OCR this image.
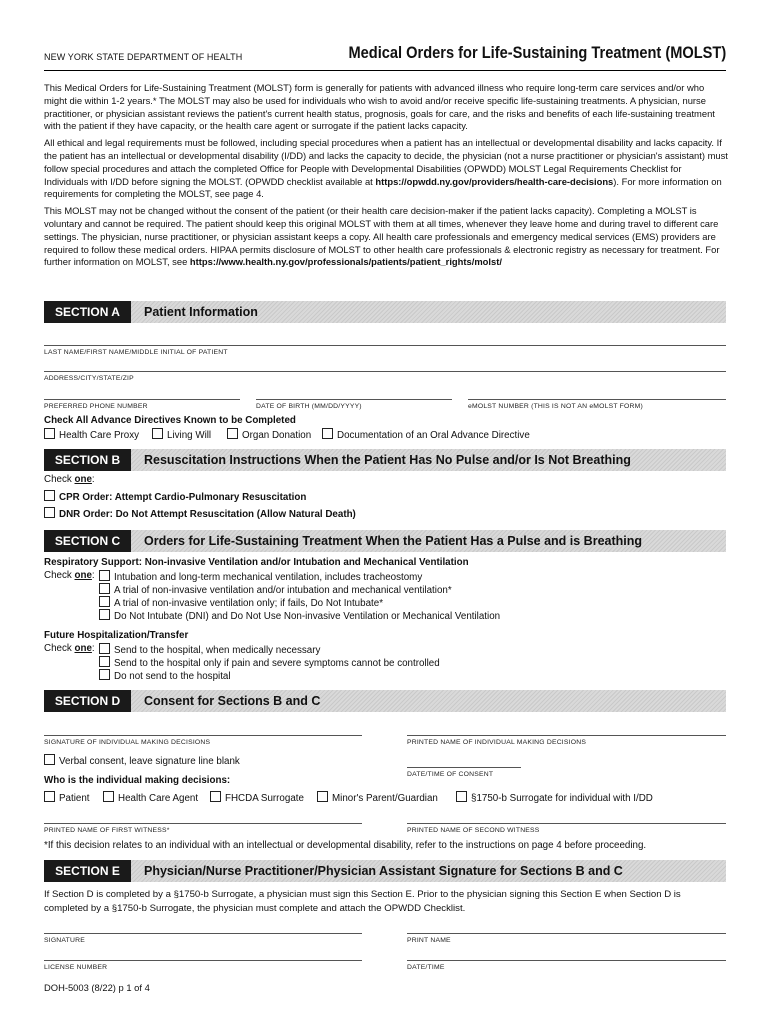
NEW YORK STATE DEPARTMENT OF HEALTH	Medical Orders for Life-Sustaining Treatment (MOLST)

This Medical Orders for Life-Sustaining Treatment (MOLST) form is generally for patients with advanced illness who require long-term care services and/or who might die within 1-2 years.* The MOLST may also be used for individuals who wish to avoid and/or receive specific life-sustaining treatments. A physician, nurse practitioner, or physician assistant reviews the patient's current health status, prognosis, goals for care, and the risks and benefits of each life-sustaining treatment with the patient if they have capacity, or the health care agent or surrogate if the patient lacks capacity.

All ethical and legal requirements must be followed, including special procedures when a patient has an intellectual or developmental disability and lacks capacity. If the patient has an intellectual or developmental disability (I/DD) and lacks the capacity to decide, the physician (not a nurse practitioner or physician's assistant) must follow special procedures and attach the completed Office for People with Developmental Disabilities (OPWDD) MOLST Legal Requirements Checklist for Individuals with I/DD before signing the MOLST. (OPWDD checklist available at https://opwdd.ny.gov/providers/health-care-decisions). For more information on requirements for completing the MOLST, see page 4.

This MOLST may not be changed without the consent of the patient (or their health care decision-maker if the patient lacks capacity). Completing a MOLST is voluntary and cannot be required. The patient should keep this original MOLST with them at all times, whenever they leave home and during travel to different care settings. The physician, nurse practitioner, or physician assistant keeps a copy. All health care professionals and emergency medical services (EMS) providers are required to follow these medical orders. HIPAA permits disclosure of MOLST to other health care professionals & electronic registry as necessary for treatment. For further information on MOLST, see https://www.health.ny.gov/professionals/patients/patient_rights/molst/

SECTION A	Patient Information
LAST NAME/FIRST NAME/MIDDLE INITIAL OF PATIENT
ADDRESS/CITY/STATE/ZIP
PREFERRED PHONE NUMBER	DATE OF BIRTH (MM/DD/YYYY)	eMOLST NUMBER (THIS IS NOT AN eMOLST FORM)
Check All Advance Directives Known to be Completed
Health Care Proxy	Living Will	Organ Donation	Documentation of an Oral Advance Directive
SECTION B	Resuscitation Instructions When the Patient Has No Pulse and/or Is Not Breathing
Check one:
CPR Order: Attempt Cardio-Pulmonary Resuscitation
DNR Order: Do Not Attempt Resuscitation (Allow Natural Death)
SECTION C	Orders for Life-Sustaining Treatment When the Patient Has a Pulse and is Breathing
Respiratory Support: Non-invasive Ventilation and/or Intubation and Mechanical Ventilation
Check one:	Intubation and long-term mechanical ventilation, includes tracheostomy
A trial of non-invasive ventilation and/or intubation and mechanical ventilation*
A trial of non-invasive ventilation only; if fails, Do Not Intubate*
Do Not Intubate (DNI) and Do Not Use Non-invasive Ventilation or Mechanical Ventilation
Future Hospitalization/Transfer
Check one:	Send to the hospital, when medically necessary
Send to the hospital only if pain and severe symptoms cannot be controlled
Do not send to the hospital
SECTION D	Consent for Sections B and C
SIGNATURE OF INDIVIDUAL MAKING DECISIONS	PRINTED NAME OF INDIVIDUAL MAKING DECISIONS
Verbal consent, leave signature line blank
DATE/TIME OF CONSENT
Who is the individual making decisions:
Patient	Health Care Agent	FHCDA Surrogate	Minor's Parent/Guardian	§1750-b Surrogate for individual with I/DD
PRINTED NAME OF FIRST WITNESS*	PRINTED NAME OF SECOND WITNESS
*If this decision relates to an individual with an intellectual or developmental disability, refer to the instructions on page 4 before proceeding.
SECTION E	Physician/Nurse Practitioner/Physician Assistant Signature for Sections B and C
If Section D is completed by a §1750-b Surrogate, a physician must sign this Section E. Prior to the physician signing this Section E when Section D is completed by a §1750-b Surrogate, the physician must complete and attach the OPWDD Checklist.
SIGNATURE	PRINT NAME
LICENSE NUMBER	DATE/TIME
DOH-5003 (8/22) p 1 of 4
